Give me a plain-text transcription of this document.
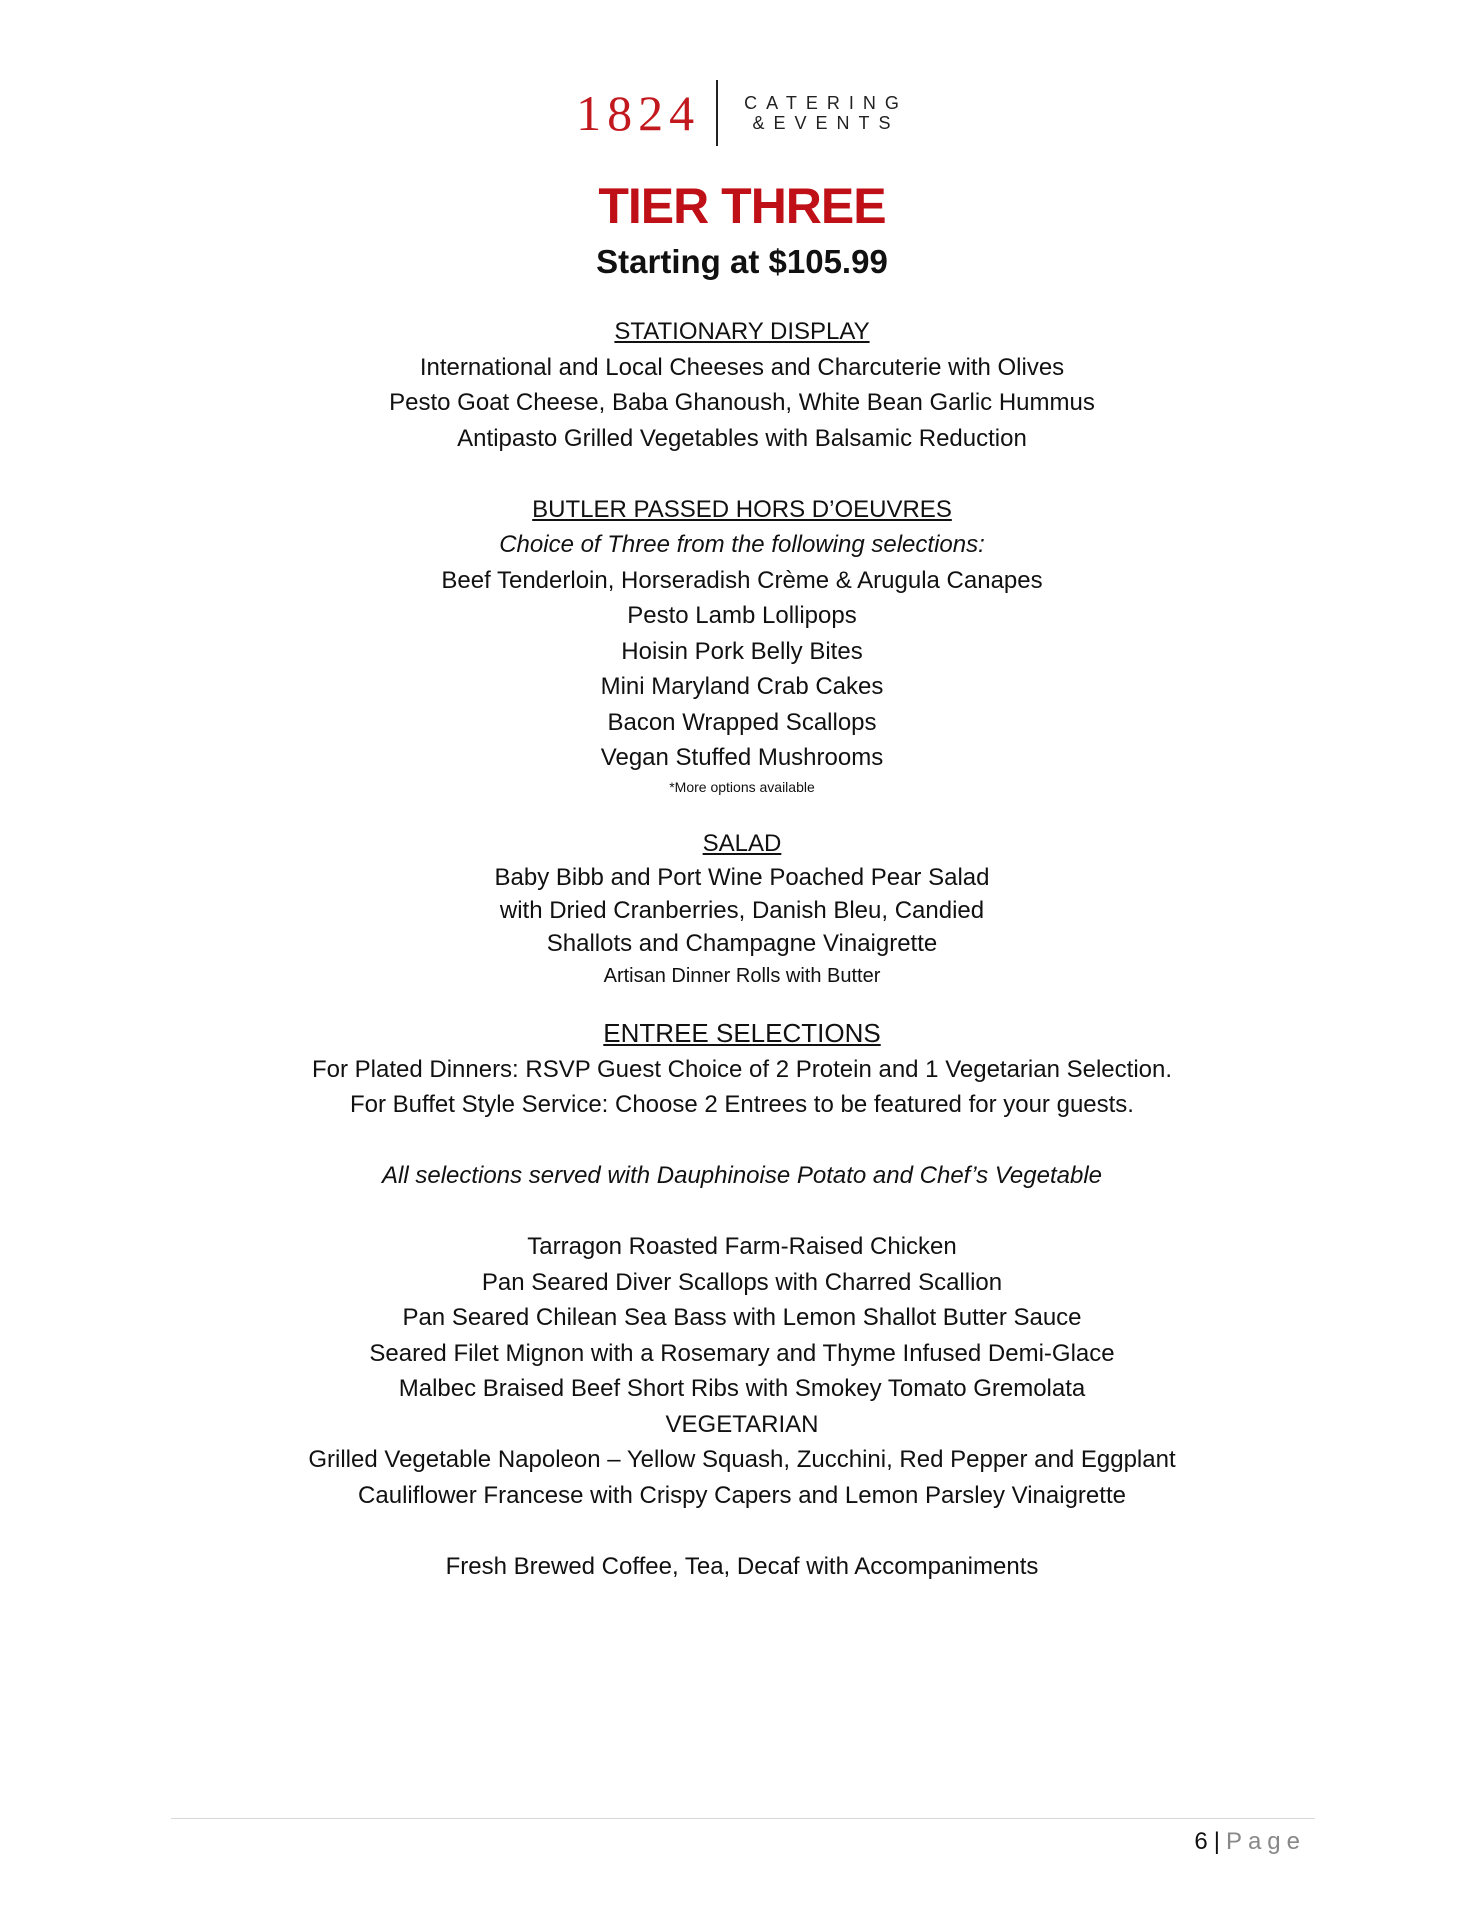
1824 CATERING
&EVENTS
TIER THREE

Starting at $105.99

STATIONARY DISPLAY

International and Local Cheeses and Charcuterie with Olives

Pesto Goat Cheese, Baba Ghanoush, White Bean Garlic Hummus

Antipasto Grilled Vegetables with Balsamic Reduction

BUTLER PASSED HORS D’OEUVRES

Choice of Three from the following selections:

Beef Tenderloin, Horseradish Crème & Arugula Canapes

Pesto Lamb Lollipops

Hoisin Pork Belly Bites

Mini Maryland Crab Cakes

Bacon Wrapped Scallops

Vegan Stuffed Mushrooms

*More options available

SALAD

Baby Bibb and Port Wine Poached Pear Salad

with Dried Cranberries, Danish Bleu, Candied

Shallots and Champagne Vinaigrette

Artisan Dinner Rolls with Butter

ENTREE SELECTIONS

For Plated Dinners: RSVP Guest Choice of 2 Protein and 1 Vegetarian Selection.

For Buffet Style Service: Choose 2 Entrees to be featured for your guests.

All selections served with Dauphinoise Potato and Chef’s Vegetable

Tarragon Roasted Farm-Raised Chicken

Pan Seared Diver Scallops with Charred Scallion

Pan Seared Chilean Sea Bass with Lemon Shallot Butter Sauce

Seared Filet Mignon with a Rosemary and Thyme Infused Demi-Glace

Malbec Braised Beef Short Ribs with Smokey Tomato Gremolata

VEGETARIAN

Grilled Vegetable Napoleon – Yellow Squash, Zucchini, Red Pepper and Eggplant

Cauliflower Francese with Crispy Capers and Lemon Parsley Vinaigrette

Fresh Brewed Coffee, Tea, Decaf with Accompaniments

6 | Page
